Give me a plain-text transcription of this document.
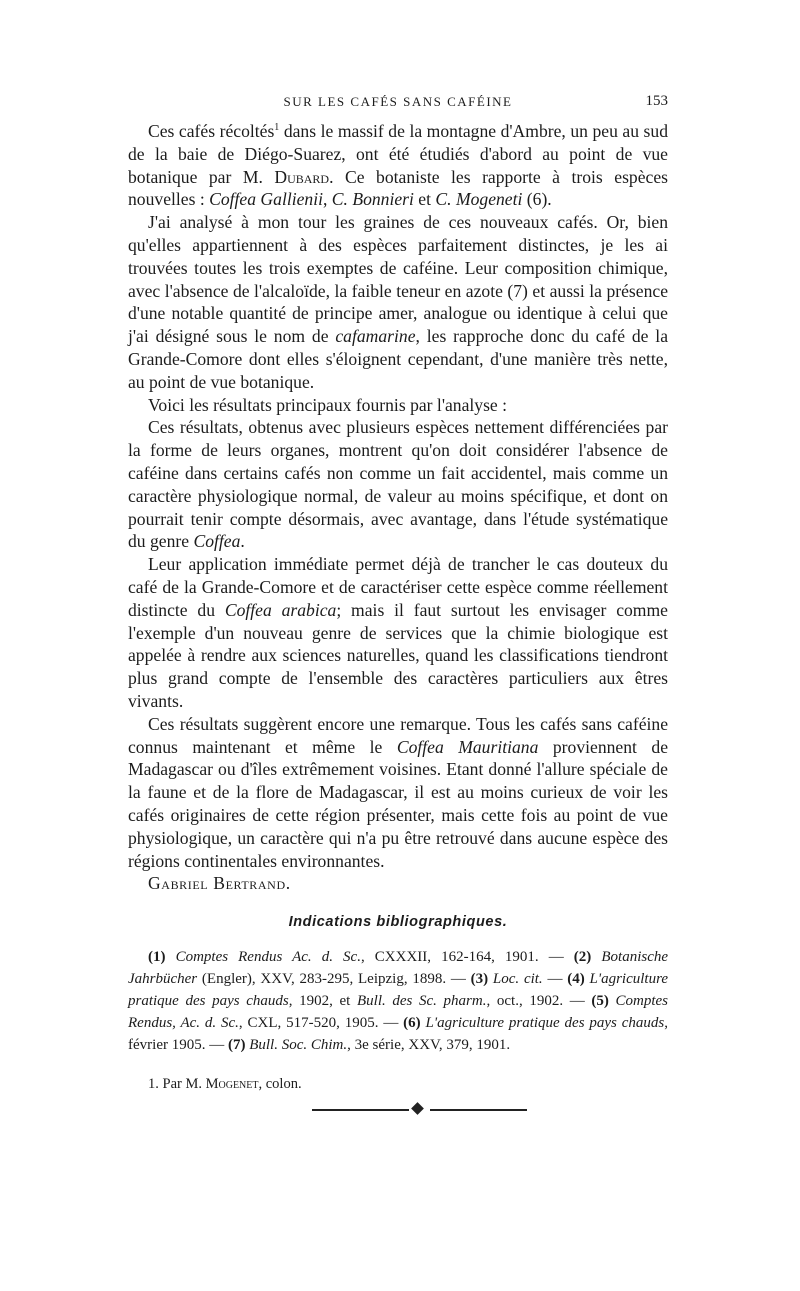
SUR LES CAFÉS SANS CAFÉINE	153

Ces cafés récoltés$^1$ dans le massif de la montagne d'Ambre, un peu au sud de la baie de Diégo-Suarez, ont été étudiés d'abord au point de vue botanique par M. Dubard. Ce botaniste les rapporte à trois espèces nouvelles : Coffea Gallienii, C. Bonnieri et C. Mogeneti (6).

J'ai analysé à mon tour les graines de ces nouveaux cafés. Or, bien qu'elles appartiennent à des espèces parfaitement distinctes, je les ai trouvées toutes les trois exemptes de caféine. Leur composition chimique, avec l'absence de l'alcaloïde, la faible teneur en azote (7) et aussi la présence d'une notable quantité de principe amer, analogue ou identique à celui que j'ai désigné sous le nom de cafamarine, les rapproche donc du café de la Grande-Comore dont elles s'éloignent cependant, d'une manière très nette, au point de vue botanique.

Voici les résultats principaux fournis par l'analyse :

Ces résultats, obtenus avec plusieurs espèces nettement différenciées par la forme de leurs organes, montrent qu'on doit considérer l'absence de caféine dans certains cafés non comme un fait accidentel, mais comme un caractère physiologique normal, de valeur au moins spécifique, et dont on pourrait tenir compte désormais, avec avantage, dans l'étude systématique du genre Coffea.

Leur application immédiate permet déjà de trancher le cas douteux du café de la Grande-Comore et de caractériser cette espèce comme réellement distincte du Coffea arabica; mais il faut surtout les envisager comme l'exemple d'un nouveau genre de services que la chimie biologique est appelée à rendre aux sciences naturelles, quand les classifications tiendront plus grand compte de l'ensemble des caractères particuliers aux êtres vivants.

Ces résultats suggèrent encore une remarque. Tous les cafés sans caféine connus maintenant et même le Coffea Mauritiana proviennent de Madagascar ou d'îles extrêmement voisines. Etant donné l'allure spéciale de la faune et de la flore de Madagascar, il est au moins curieux de voir les cafés originaires de cette région présenter, mais cette fois au point de vue physiologique, un caractère qui n'a pu être retrouvé dans aucune espèce des régions continentales environnantes.

Gabriel Bertrand.

Indications bibliographiques.

(1) Comptes Rendus Ac. d. Sc., CXXXII, 162-164, 1901. — (2) Botanische Jahrbücher (Engler), XXV, 283-295, Leipzig, 1898. — (3) Loc. cit. — (4) L'agriculture pratique des pays chauds, 1902, et Bull. des Sc. pharm., oct., 1902. — (5) Comptes Rendus, Ac. d. Sc., CXL, 517-520, 1905. — (6) L'agriculture pratique des pays chauds, février 1905. — (7) Bull. Soc. Chim., 3e série, XXV, 379, 1901.

1. Par M. Mogenet, colon.
